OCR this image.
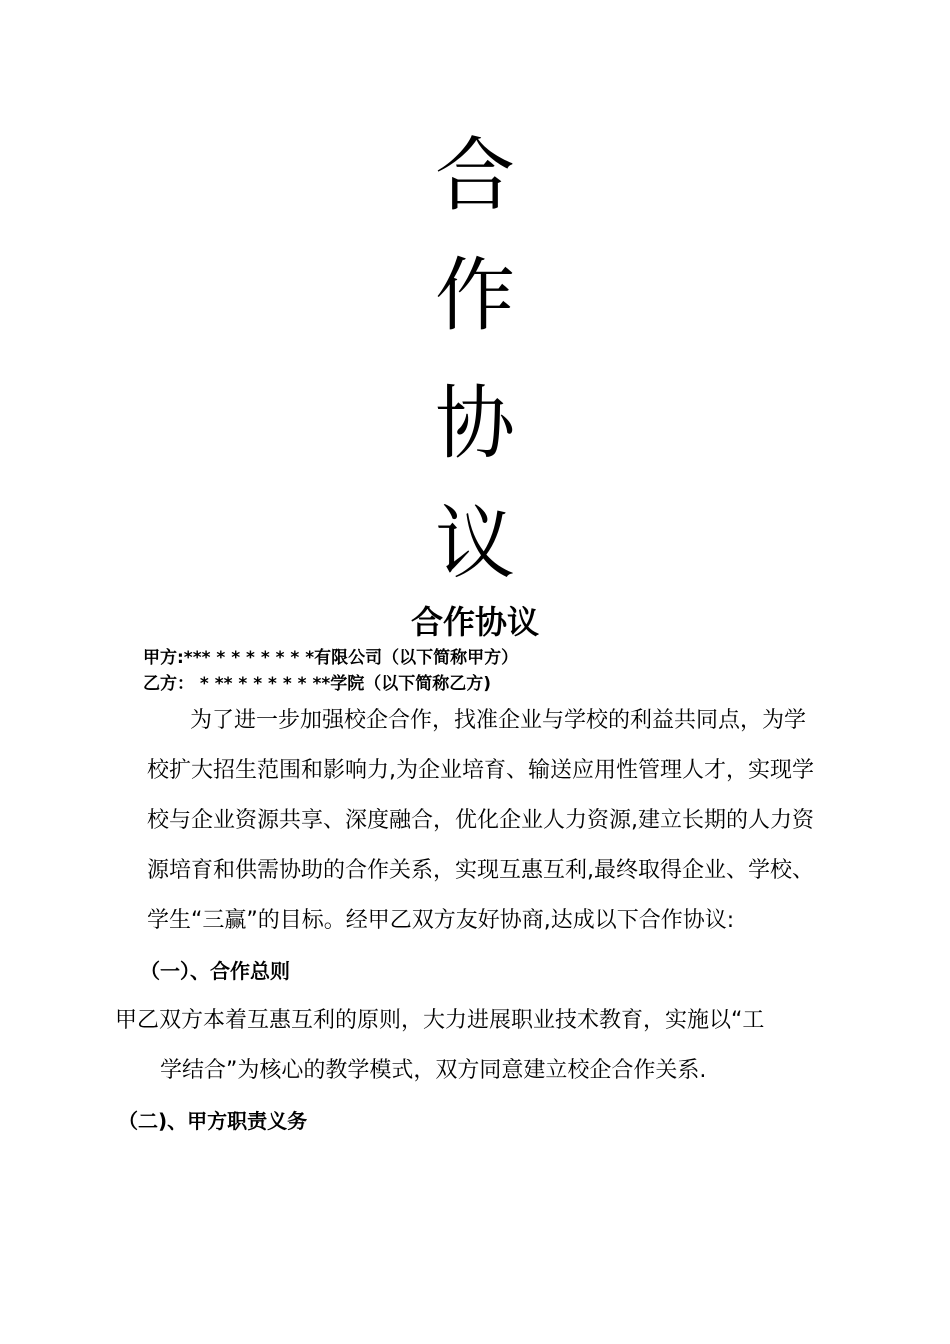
合
作
协
议
合作协议
甲方:*** * * * * * * *有限公司（以下简称甲方）
乙方： * ** * * * * * **学院（以下简称乙方)
为了进一步加强校企合作，找准企业与学校的利益共同点，为学
校扩大招生范围和影响力,为企业培育、输送应用性管理人才，实现学
校与企业资源共享、深度融合，优化企业人力资源,建立长期的人力资
源培育和供需协助的合作关系，实现互惠互利,最终取得企业、学校、
学生“三赢”的目标。经甲乙双方友好协商,达成以下合作协议:
（一）、合作总则
甲乙双方本着互惠互利的原则，大力进展职业技术教育，实施以“工
学结合”为核心的教学模式，双方同意建立校企合作关系.
（二)、甲方职责义务
